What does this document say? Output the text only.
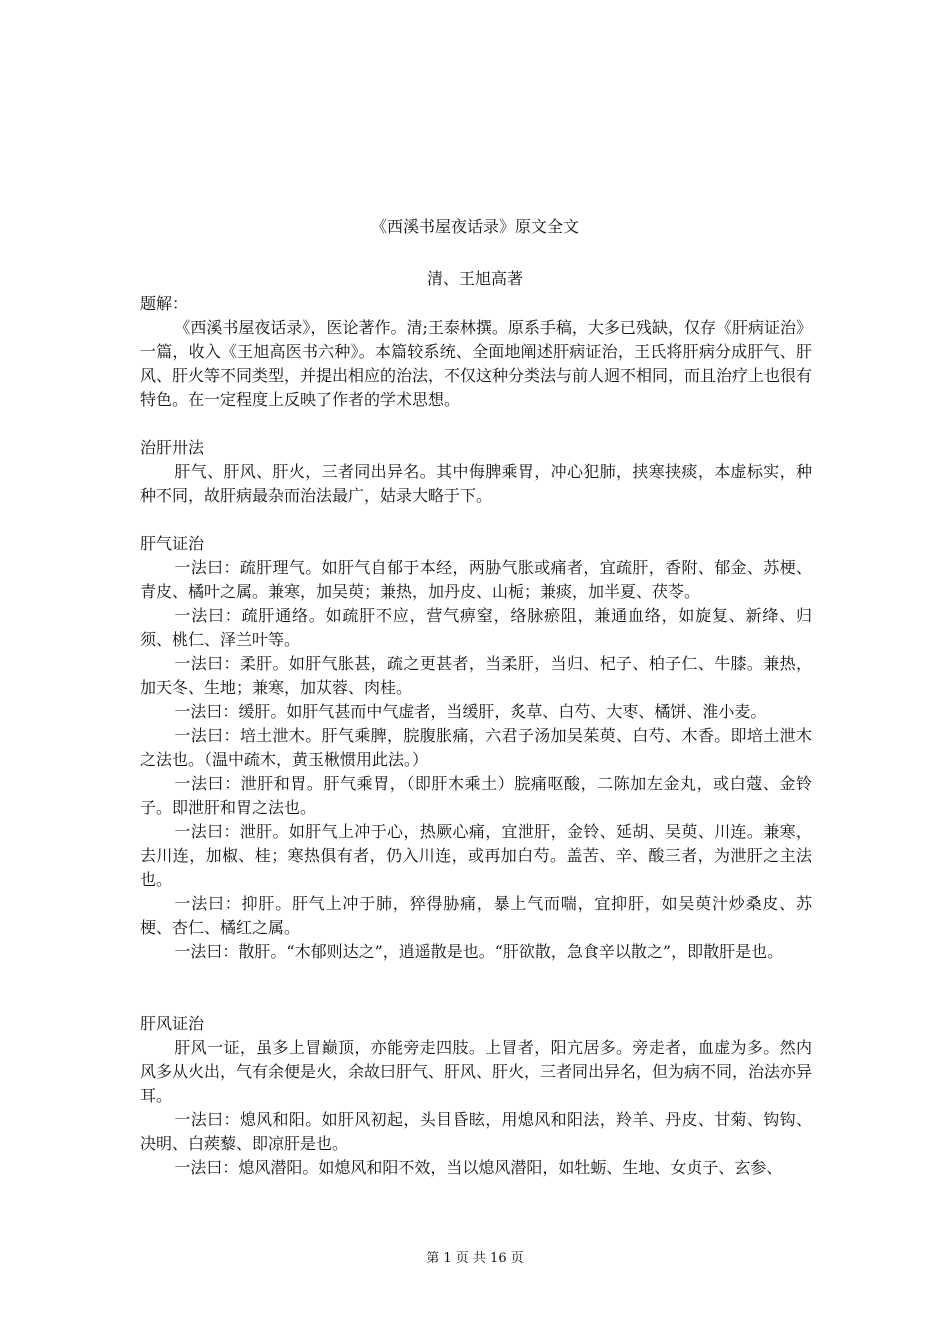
《西溪书屋夜话录》原文全文
清、王旭高著

题解：

《西溪书屋夜话录》，医论著作。清;王泰林撰。原系手稿，大多已残缺，仅存《肝病证治》一篇，收入《王旭高医书六种》。本篇较系统、全面地阐述肝病证治，王氏将肝病分成肝气、肝风、肝火等不同类型，并提出相应的治法，不仅这种分类法与前人迥不相同，而且治疗上也很有特色。在一定程度上反映了作者的学术思想。

治肝卅法

肝气、肝风、肝火，三者同出异名。其中侮脾乘胃，冲心犯肺，挟寒挟痰，本虚标实，种种不同，故肝病最杂而治法最广，姑录大略于下。

肝气证治

一法曰：疏肝理气。如肝气自郁于本经，两胁气胀或痛者，宜疏肝，香附、郁金、苏梗、青皮、橘叶之属。兼寒，加吴萸；兼热，加丹皮、山栀；兼痰，加半夏、茯苓。

一法曰：疏肝通络。如疏肝不应，营气痹窒，络脉瘀阻，兼通血络，如旋复、新绛、归须、桃仁、泽兰叶等。

一法曰：柔肝。如肝气胀甚，疏之更甚者，当柔肝，当归、杞子、柏子仁、牛膝。兼热，加天冬、生地；兼寒，加苁蓉、肉桂。

一法曰：缓肝。如肝气甚而中气虚者，当缓肝，炙草、白芍、大枣、橘饼、淮小麦。

一法曰：培土泄木。肝气乘脾，脘腹胀痛，六君子汤加吴茱萸、白芍、木香。即培土泄木之法也。（温中疏木，黄玉楸惯用此法。）

一法曰：泄肝和胃。肝气乘胃，（即肝木乘土）脘痛呕酸，二陈加左金丸，或白蔻、金铃子。即泄肝和胃之法也。

一法曰：泄肝。如肝气上冲于心，热厥心痛，宜泄肝，金铃、延胡、吴萸、川连。兼寒，去川连，加椒、桂；寒热俱有者，仍入川连，或再加白芍。盖苦、辛、酸三者，为泄肝之主法也。

一法曰：抑肝。肝气上冲于肺，猝得胁痛，暴上气而喘，宜抑肝，如吴萸汁炒桑皮、苏梗、杏仁、橘红之属。

一法曰：散肝。“木郁则达之”，逍遥散是也。“肝欲散，急食辛以散之”，即散肝是也。

肝风证治

肝风一证，虽多上冒巅顶，亦能旁走四肢。上冒者，阳亢居多。旁走者，血虚为多。然内风多从火出，气有余便是火，余故曰肝气、肝风、肝火，三者同出异名，但为病不同，治法亦异耳。

一法曰：熄风和阳。如肝风初起，头目昏眩，用熄风和阳法，羚羊、丹皮、甘菊、钩钩、决明、白蒺藜、即凉肝是也。

一法曰：熄风潜阳。如熄风和阳不效，当以熄风潜阳，如牡蛎、生地、女贞子、玄参、

第 1 页 共 16 页
